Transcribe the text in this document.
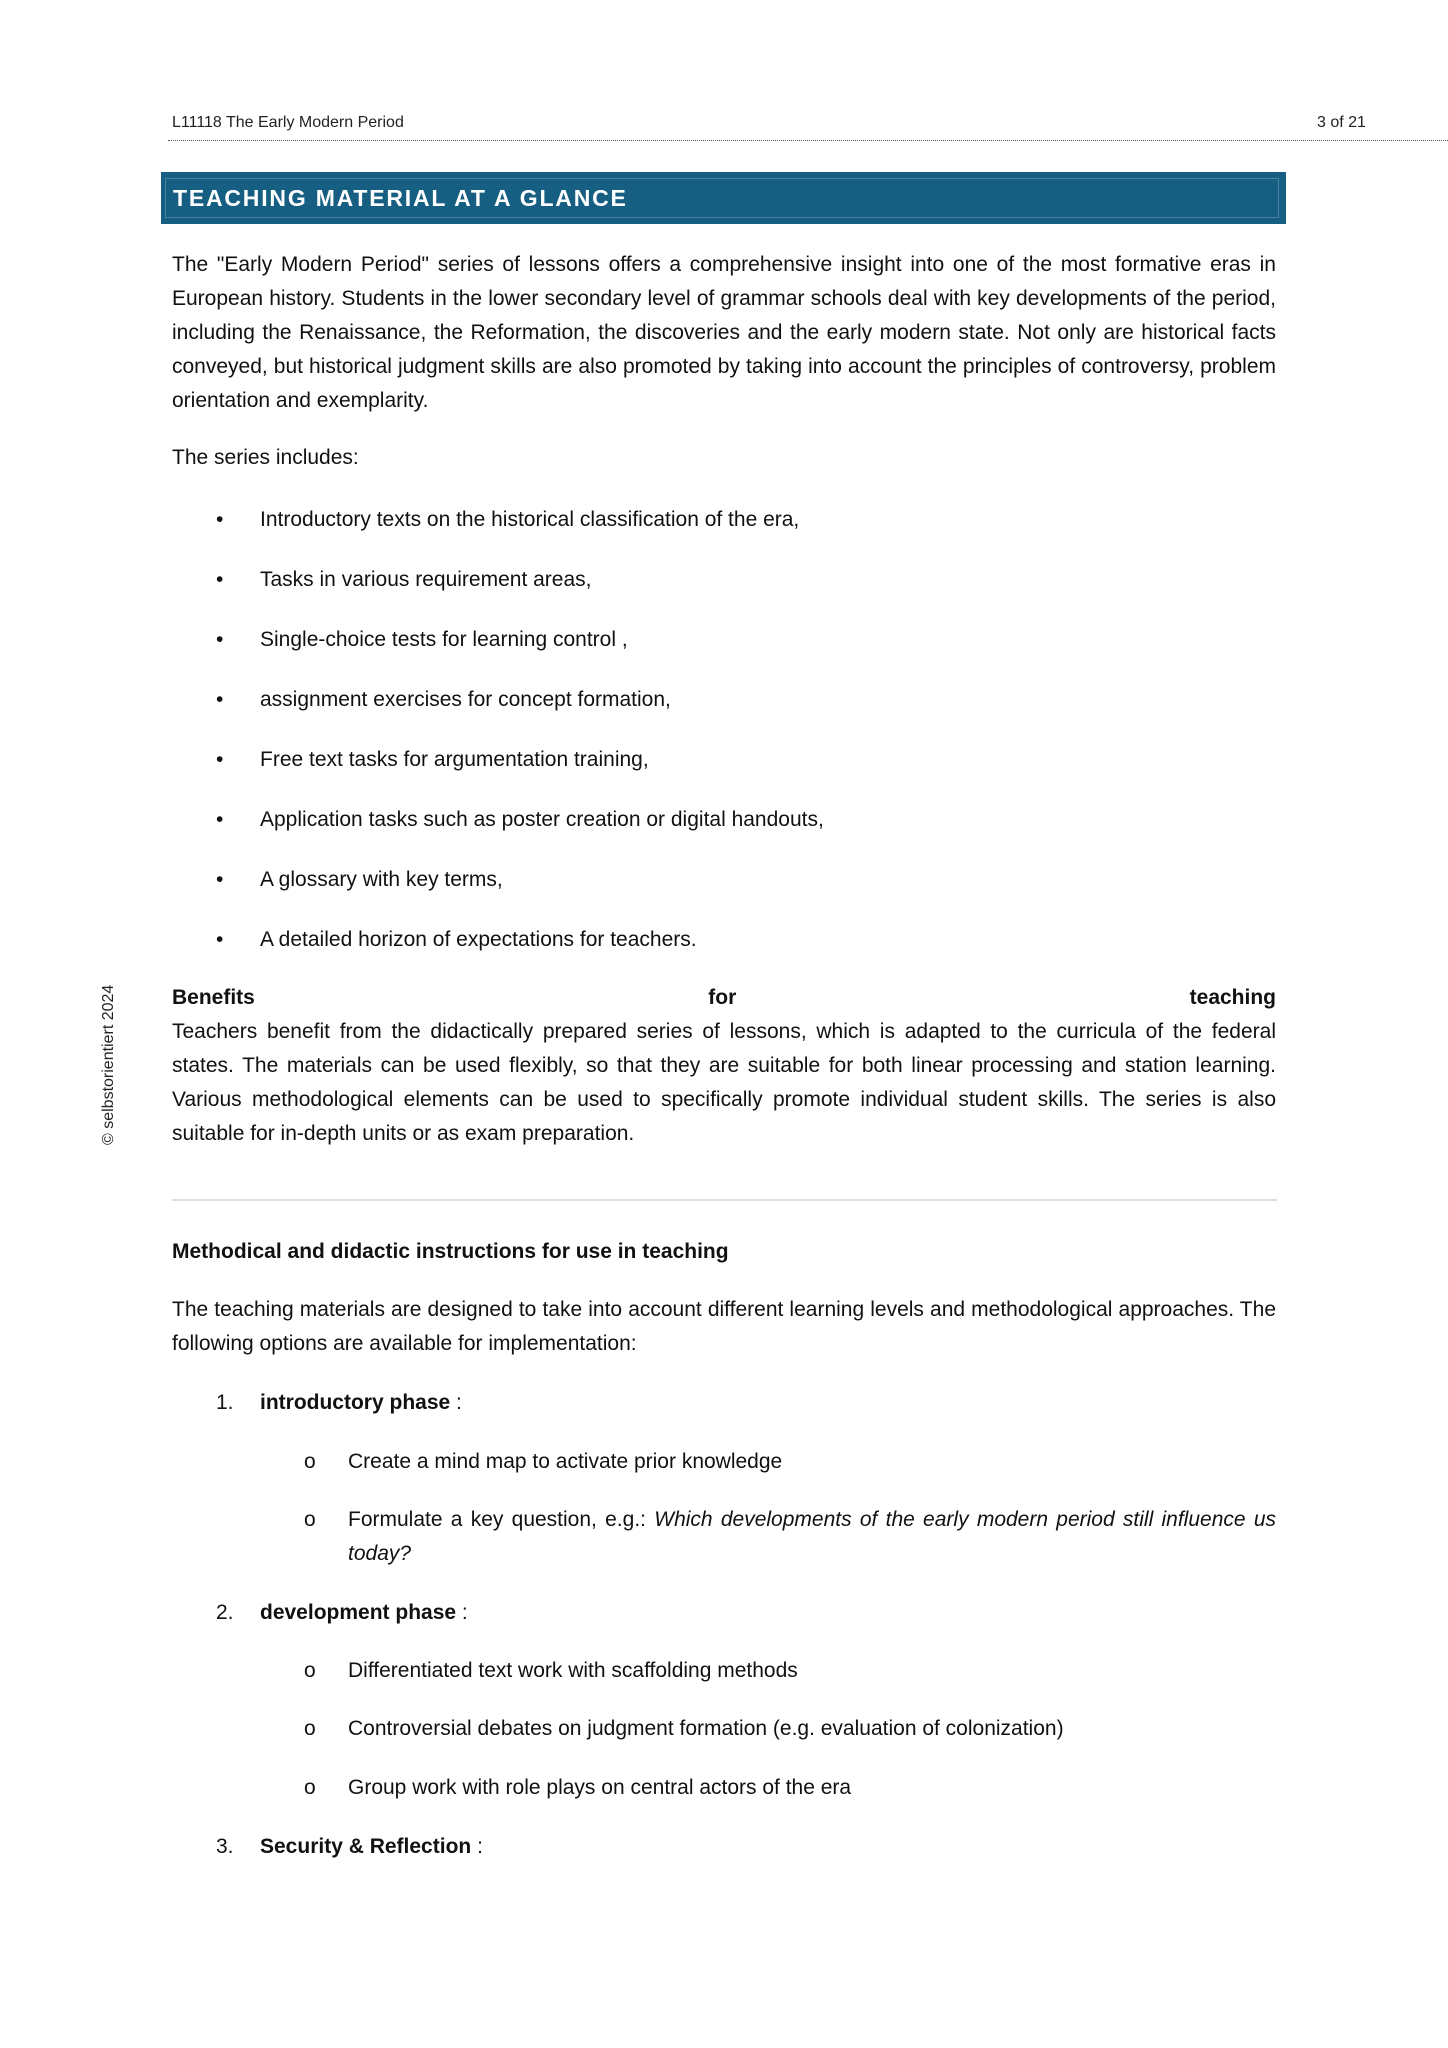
L11118 The Early Modern Period	3 of 21
© selbstorientiert 2024
TEACHING MATERIAL AT A GLANCE

The "Early Modern Period" series of lessons offers a comprehensive insight into one of the most formative eras in European history. Students in the lower secondary level of grammar schools deal with key developments of the period, including the Renaissance, the Reformation, the discoveries and the early modern state. Not only are historical facts conveyed, but historical judgment skills are also promoted by taking into account the principles of controversy, problem orientation and exemplarity.

The series includes:

• Introductory texts on the historical classification of the era,
• Tasks in various requirement areas,
• Single-choice tests for learning control ,
• assignment exercises for concept formation,
• Free text tasks for argumentation training,
• Application tasks such as poster creation or digital handouts,
• A glossary with key terms,
• A detailed horizon of expectations for teachers.
Benefits	for	teaching

Teachers benefit from the didactically prepared series of lessons, which is adapted to the curricula of the federal states. The materials can be used flexibly, so that they are suitable for both linear processing and station learning. Various methodological elements can be used to specifically promote individual student skills. The series is also suitable for in-depth units or as exam preparation.

Methodical and didactic instructions for use in teaching

The teaching materials are designed to take into account different learning levels and methodological approaches. The following options are available for implementation:

1. introductory phase :
o Create a mind map to activate prior knowledge
o Formulate a key question, e.g.: Which developments of the early modern period still influence us today?
2. development phase :
o Differentiated text work with scaffolding methods
o Controversial debates on judgment formation (e.g. evaluation of colonization)
o Group work with role plays on central actors of the era
3. Security & Reflection :
